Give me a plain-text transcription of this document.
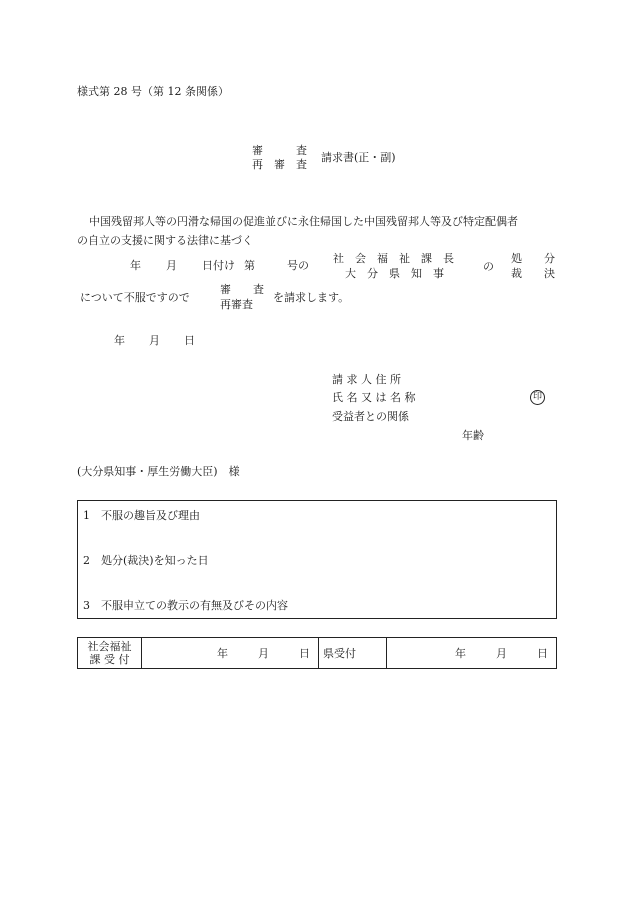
様式第 28 号（第 12 条関係）
審　　　査
再　審　査
請求書(正・副)
中国残留邦人等の円滑な帰国の促進並びに永住帰国した中国残留邦人等及び特定配偶者
の自立の支援に関する法律に基づく
年 月 日付け 第	号の
社　会　福　祉　課　長
大　分　県　知　事
の
処　　分
裁　　決
について不服ですので
審　　査
再審査
を請求します。
年 月 日
請 求 人 住 所
氏 名 又 は 名 称	印
受益者との関係
年齢
(大分県知事・厚生労働大臣)　様
1　不服の趣旨及び理由
2　処分(裁決)を知った日
3　不服申立ての教示の有無及びその内容
社会福祉
課 受 付	年	月	日	県受付	年	月	日
